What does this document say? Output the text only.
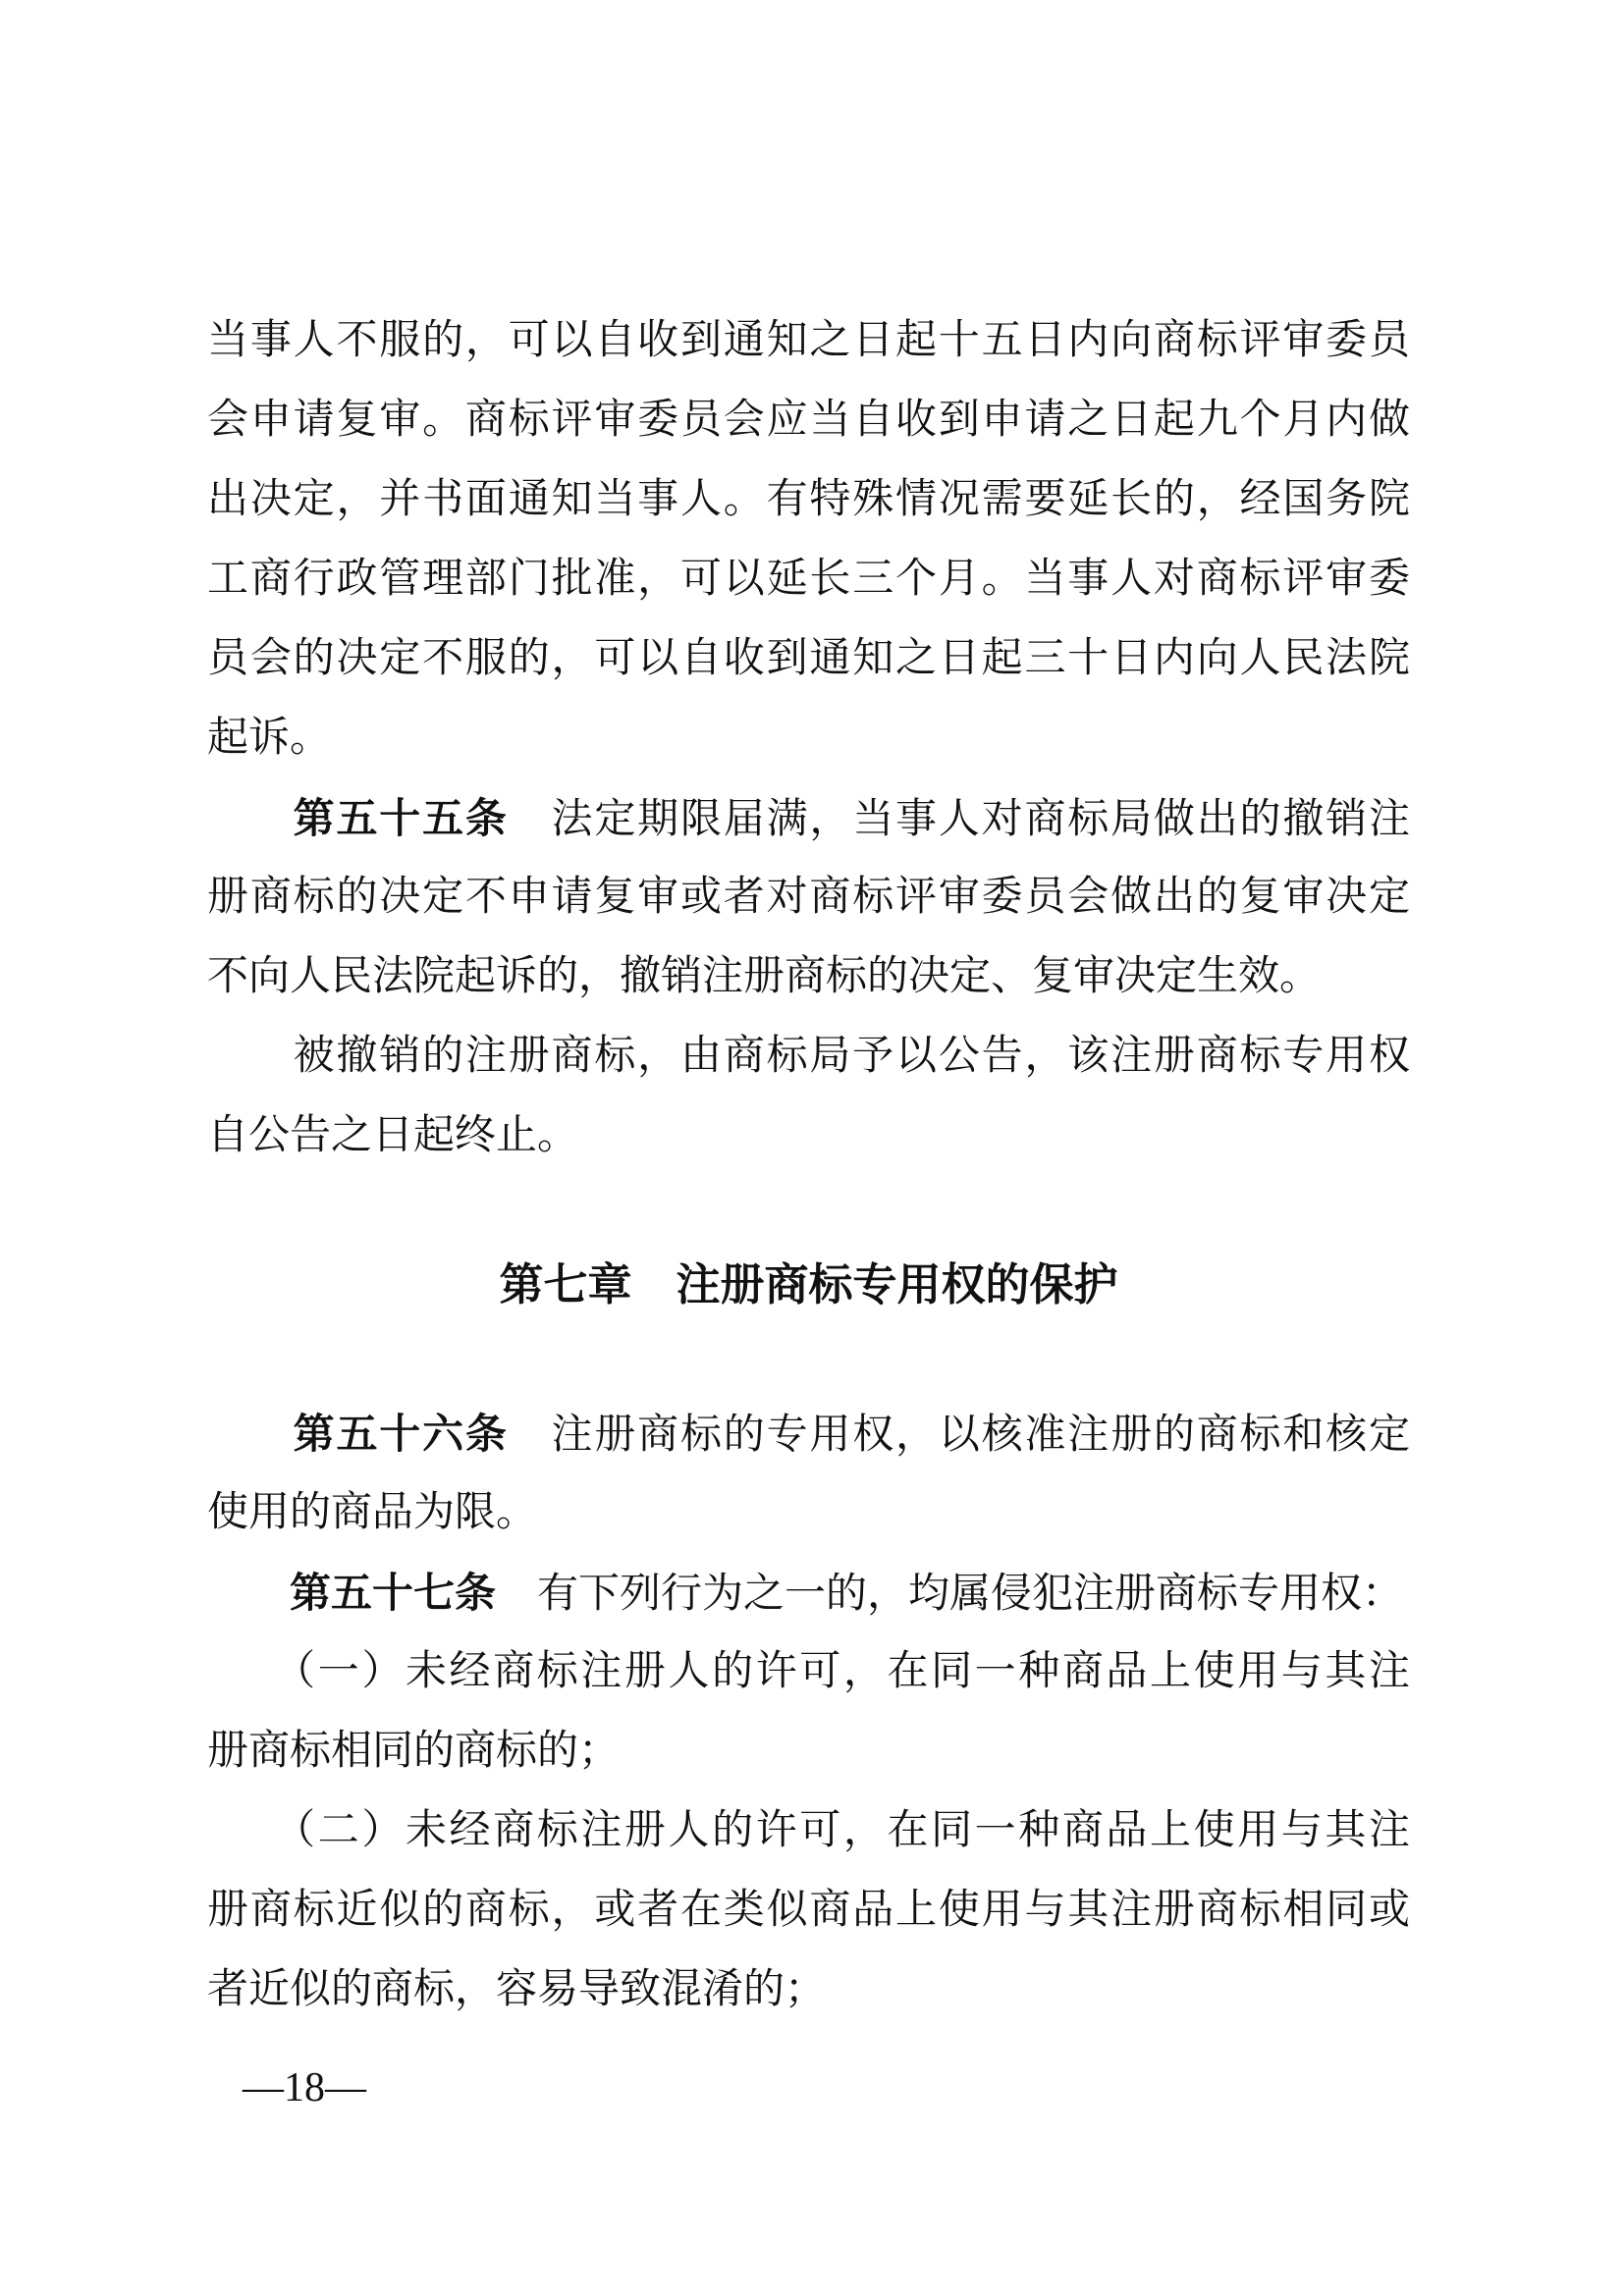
当事人不服的，可以自收到通知之日起十五日内向商标评审委员
会申请复审。商标评审委员会应当自收到申请之日起九个月内做
出决定，并书面通知当事人。有特殊情况需要延长的，经国务院
工商行政管理部门批准，可以延长三个月。当事人对商标评审委
员会的决定不服的，可以自收到通知之日起三十日内向人民法院
起诉。
　　第五十五条　法定期限届满，当事人对商标局做出的撤销注
册商标的决定不申请复审或者对商标评审委员会做出的复审决定
不向人民法院起诉的，撤销注册商标的决定、复审决定生效。
　　被撤销的注册商标，由商标局予以公告，该注册商标专用权
自公告之日起终止。
第七章　注册商标专用权的保护
　　第五十六条　注册商标的专用权，以核准注册的商标和核定
使用的商品为限。
　　第五十七条　有下列行为之一的，均属侵犯注册商标专用权：
　　（一）未经商标注册人的许可，在同一种商品上使用与其注
册商标相同的商标的；
　　（二）未经商标注册人的许可，在同一种商品上使用与其注
册商标近似的商标，或者在类似商品上使用与其注册商标相同或
者近似的商标，容易导致混淆的；
—18—
